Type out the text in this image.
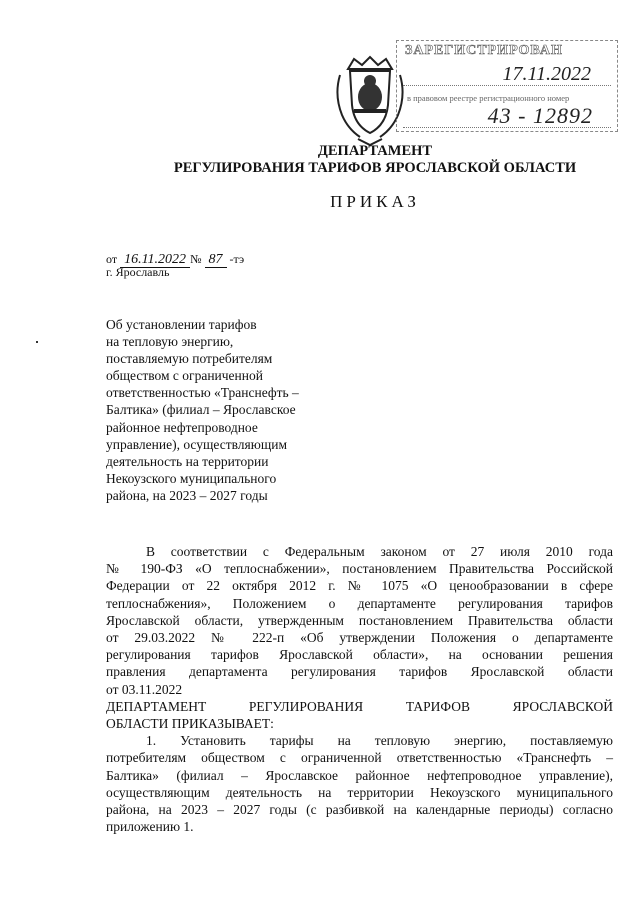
ЗАРЕГИСТРИРОВАН
17.11.2022
в правовом реестре регистрационного номер
43 - 12892
ДЕПАРТАМЕНТ
РЕГУЛИРОВАНИЯ ТАРИФОВ ЯРОСЛАВСКОЙ ОБЛАСТИ
ПРИКАЗ
от 16.11.2022 № 87 -тэ
г. Ярославль
Об установлении тарифов
на тепловую энергию,
поставляемую потребителям
обществом с ограниченной
ответственностью «Транснефть –
Балтика» (филиал – Ярославское
районное нефтепроводное
управление), осуществляющим
деятельность на территории
Некоузского муниципального
района, на 2023 – 2027 годы

В соответствии с Федеральным законом от 27 июля 2010 года

№ 190-ФЗ «О теплоснабжении», постановлением Правительства Российской

Федерации от 22 октября 2012 г. № 1075 «О ценообразовании в сфере

теплоснабжения», Положением о департаменте регулирования тарифов

Ярославской области, утвержденным постановлением Правительства области

от 29.03.2022 № 222-п «Об утверждении Положения о департаменте

регулирования тарифов Ярославской области», на основании решения

правления департамента регулирования тарифов Ярославской области

от 03.11.2022

ДЕПАРТАМЕНТ РЕГУЛИРОВАНИЯ ТАРИФОВ ЯРОСЛАВСКОЙ

ОБЛАСТИ ПРИКАЗЫВАЕТ:

1. Установить тарифы на тепловую энергию, поставляемую

потребителям обществом с ограниченной ответственностью «Транснефть –

Балтика» (филиал – Ярославское районное нефтепроводное управление),

осуществляющим деятельность на территории Некоузского муниципального

района, на 2023 – 2027 годы (с разбивкой на календарные периоды) согласно

приложению 1.
